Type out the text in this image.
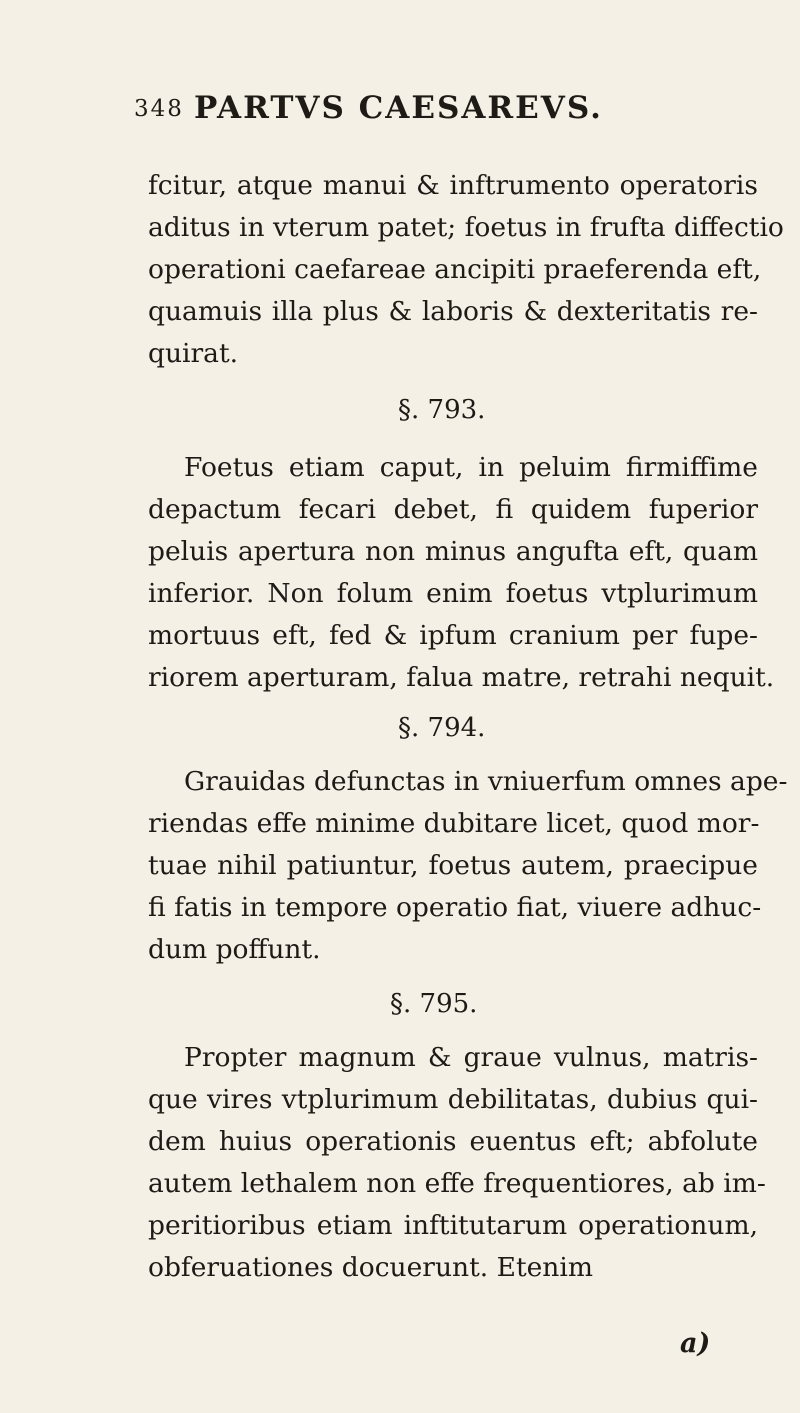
348 PARTVS CAESAREVS.
fcitur, atque manui & inftrumento operatoris
aditus in vterum patet; foetus in frufta diffectio
operationi caefareae ancipiti praeferenda eft,
quamuis illa plus & laboris & dexteritatis re-
quirat.
§. 793.
Foetus etiam caput, in peluim firmiffime
depactum fecari debet, fi quidem fuperior
peluis apertura non minus angufta eft, quam
inferior. Non folum enim foetus vtplurimum
mortuus eft, fed & ipfum cranium per fupe-
riorem aperturam, falua matre, retrahi nequit.
§. 794.
Grauidas defunctas in vniuerfum omnes ape-
riendas effe minime dubitare licet, quod mor-
tuae nihil patiuntur, foetus autem, praecipue
fi fatis in tempore operatio fiat, viuere adhuc-
dum poffunt.
§. 795.
Propter magnum & graue vulnus, matris-
que vires vtplurimum debilitatas, dubius qui-
dem huius operationis euentus eft; abfolute
autem lethalem non effe frequentiores, ab im-
peritioribus etiam inftitutarum operationum,
obferuationes docuerunt. Etenim
a)
